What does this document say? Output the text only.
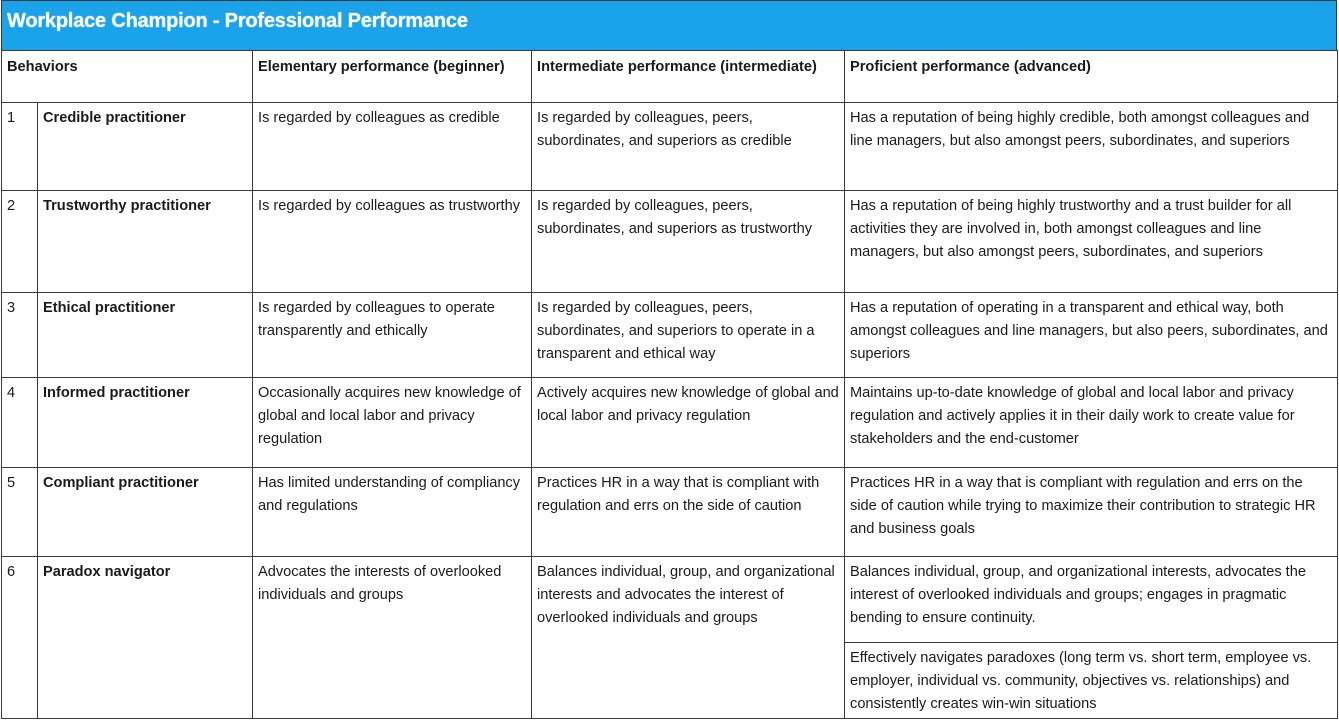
Workplace Champion - Professional Performance
Behaviors		Elementary performance (beginner)	Intermediate performance (intermediate)	Proficient performance (advanced)
1	Credible practitioner	Is regarded by colleagues as credible	Is regarded by colleagues, peers, subordinates, and superiors as credible	Has a reputation of being highly credible, both amongst colleagues and line managers, but also amongst peers, subordinates, and superiors
2	Trustworthy practitioner	Is regarded by colleagues as trustworthy	Is regarded by colleagues, peers, subordinates, and superiors as trustworthy	Has a reputation of being highly trustworthy and a trust builder for all activities they are involved in, both amongst colleagues and line managers, but also amongst peers, subordinates, and superiors
3	Ethical practitioner	Is regarded by colleagues to operate transparently and ethically	Is regarded by colleagues, peers, subordinates, and superiors to operate in a transparent and ethical way	Has a reputation of operating in a transparent and ethical way, both amongst colleagues and line managers, but also peers, subordinates, and superiors
4	Informed practitioner	Occasionally acquires new knowledge of global and local labor and privacy regulation	Actively acquires new knowledge of global and local labor and privacy regulation	Maintains up-to-date knowledge of global and local labor and privacy regulation and actively applies it in their daily work to create value for stakeholders and the end-customer
5	Compliant practitioner	Has limited understanding of compliancy and regulations	Practices HR in a way that is compliant with regulation and errs on the side of caution	Practices HR in a way that is compliant with regulation and errs on the side of caution while trying to maximize their contribution to strategic HR and business goals
6	Paradox navigator	Advocates the interests of overlooked individuals and groups	Balances individual, group, and organizational interests and advocates the interest of overlooked individuals and groups	Balances individual, group, and organizational interests, advocates the interest of overlooked individuals and groups; engages in pragmatic bending to ensure continuity.
				Effectively navigates paradoxes (long term vs. short term, employee vs. employer, individual vs. community, objectives vs. relationships) and consistently creates win-win situations
